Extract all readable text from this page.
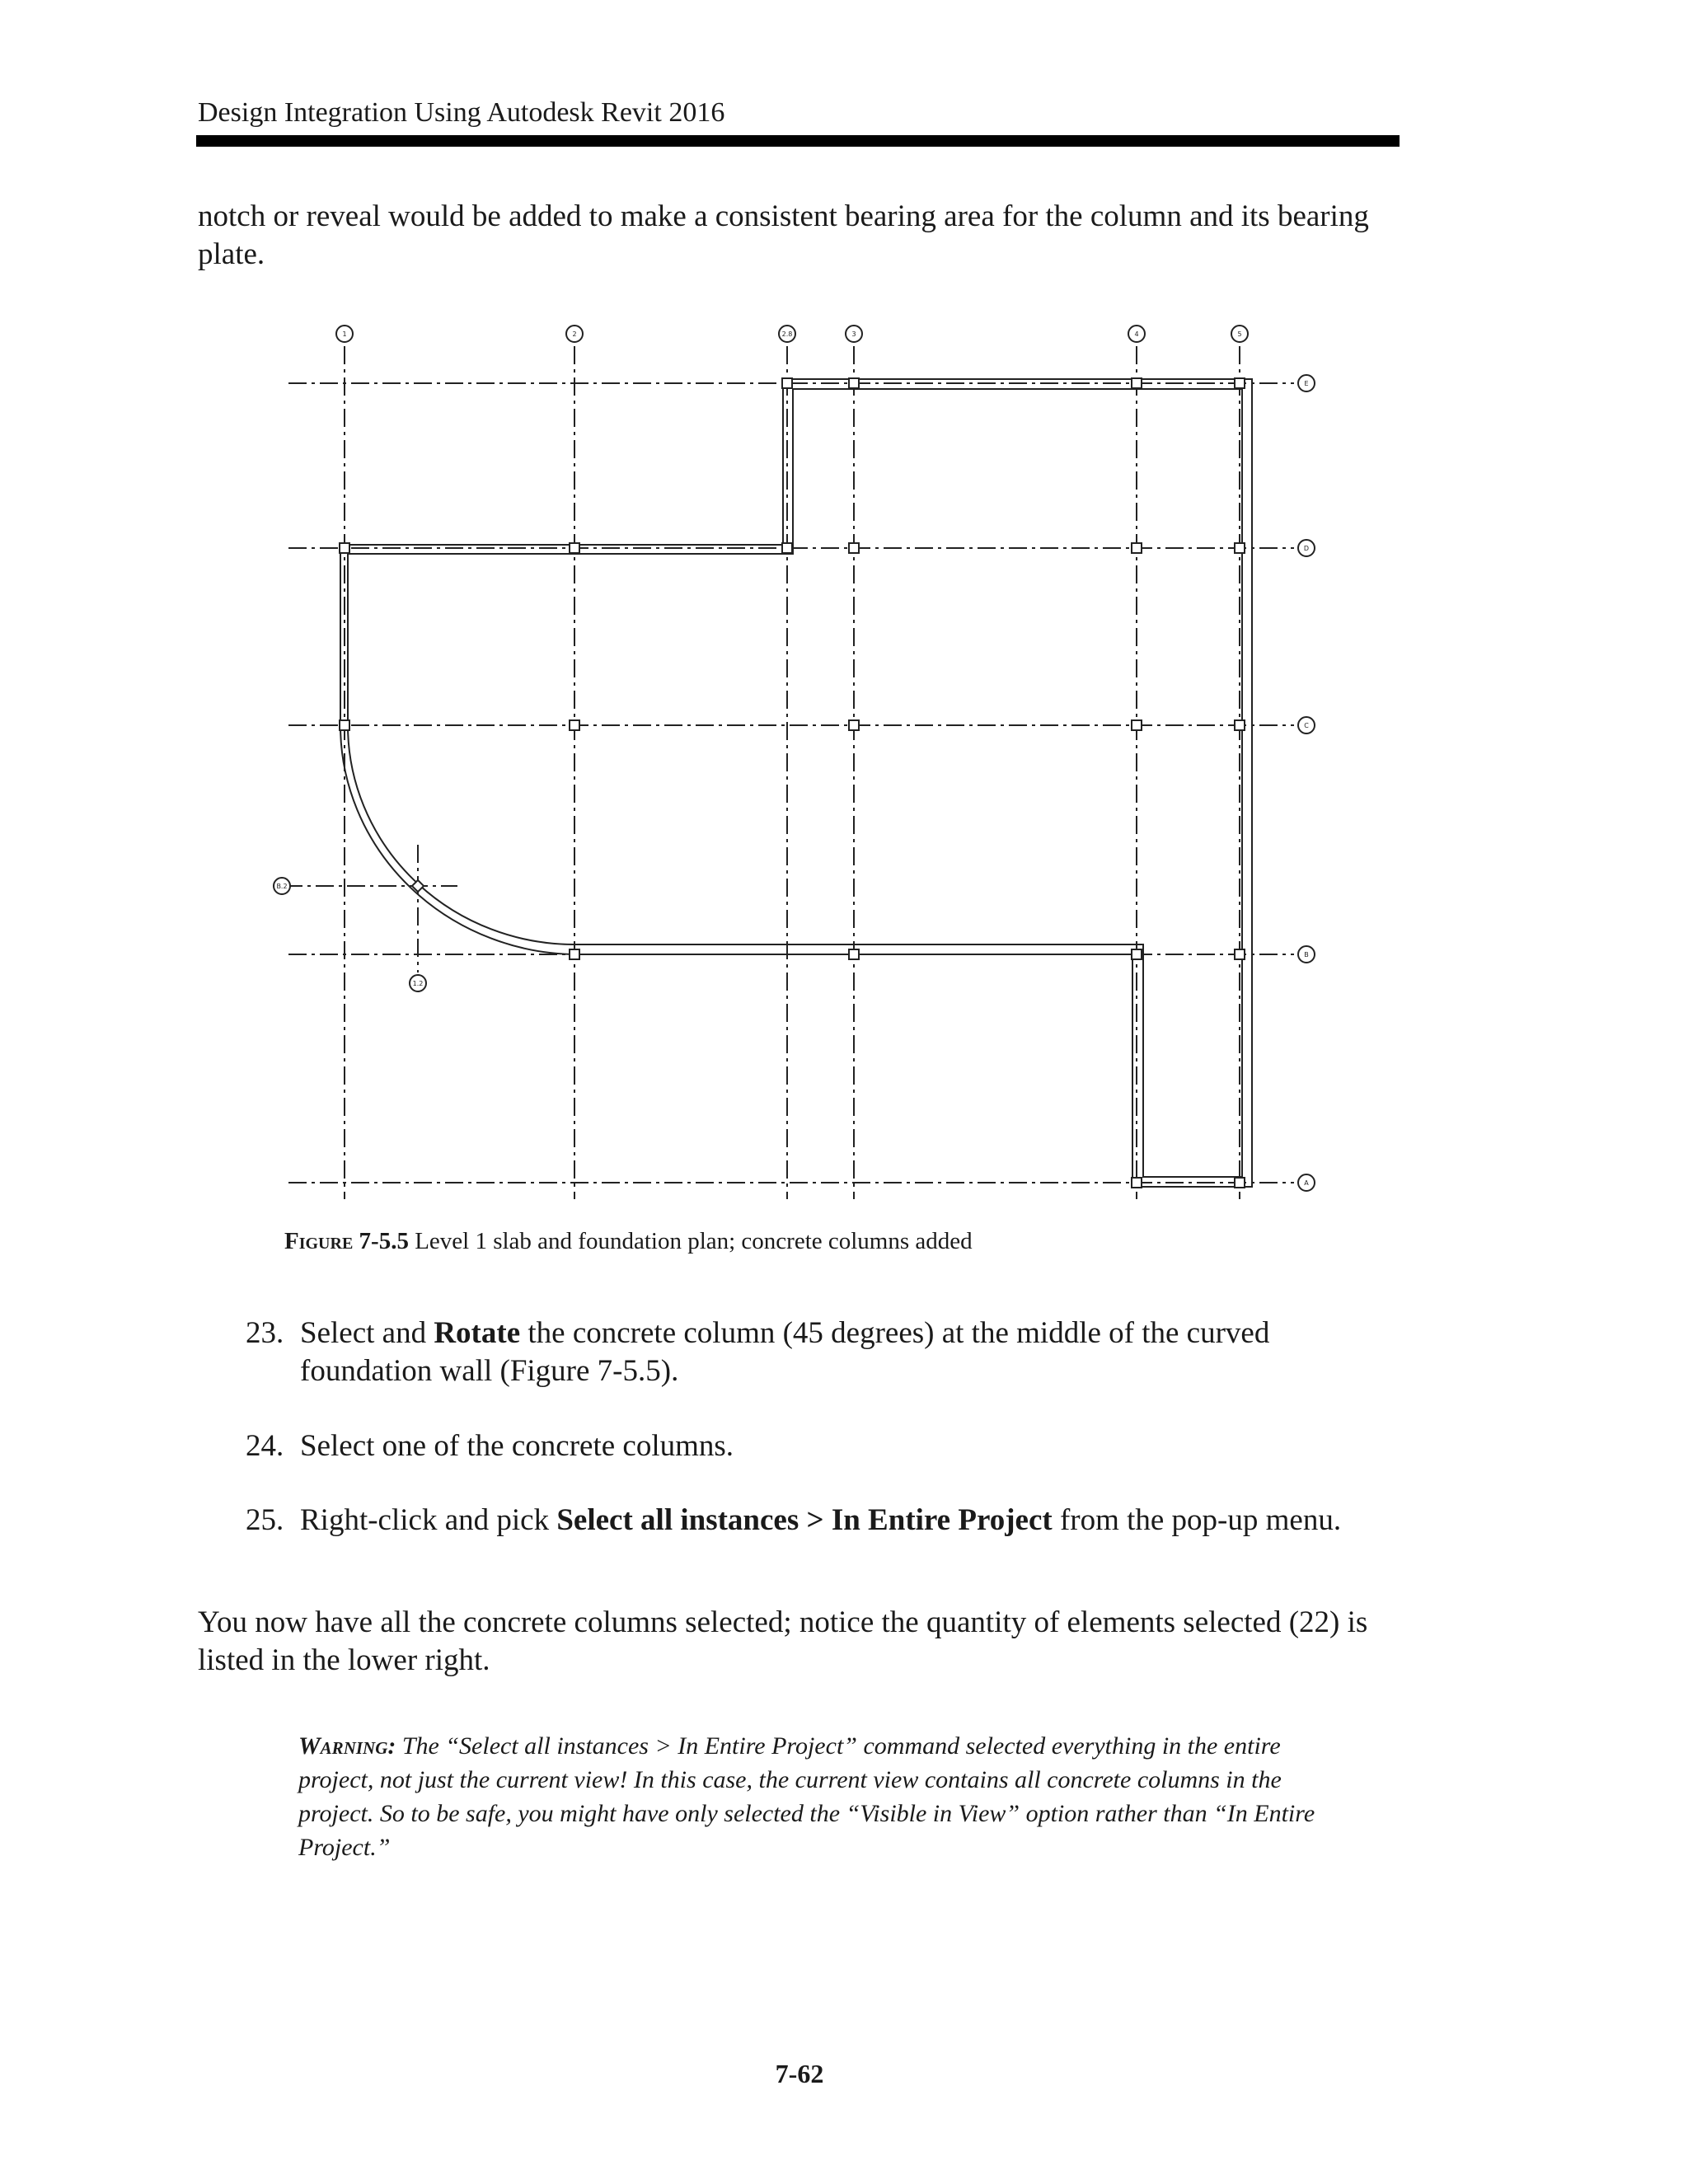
Design Integration Using Autodesk Revit 2016

notch or reveal would be added to make a consistent bearing area for the column and its bearing plate.

1	2	2.8	3	4	5
1.2
E
D
C
B
A
B.2
Figure 7-5.5 Level 1 slab and foundation plan; concrete columns added
23. Select and Rotate the concrete column (45 degrees) at the middle of the curved foundation wall (Figure 7-5.5).
24. Select one of the concrete columns.
25. Right-click and pick Select all instances > In Entire Project from the pop-up menu.

You now have all the concrete columns selected; notice the quantity of elements selected (22) is listed in the lower right.

Warning: The “Select all instances > In Entire Project” command selected everything in the entire project, not just the current view! In this case, the current view contains all concrete columns in the project. So to be safe, you might have only selected the “Visible in View” option rather than “In Entire Project.”
7-62
